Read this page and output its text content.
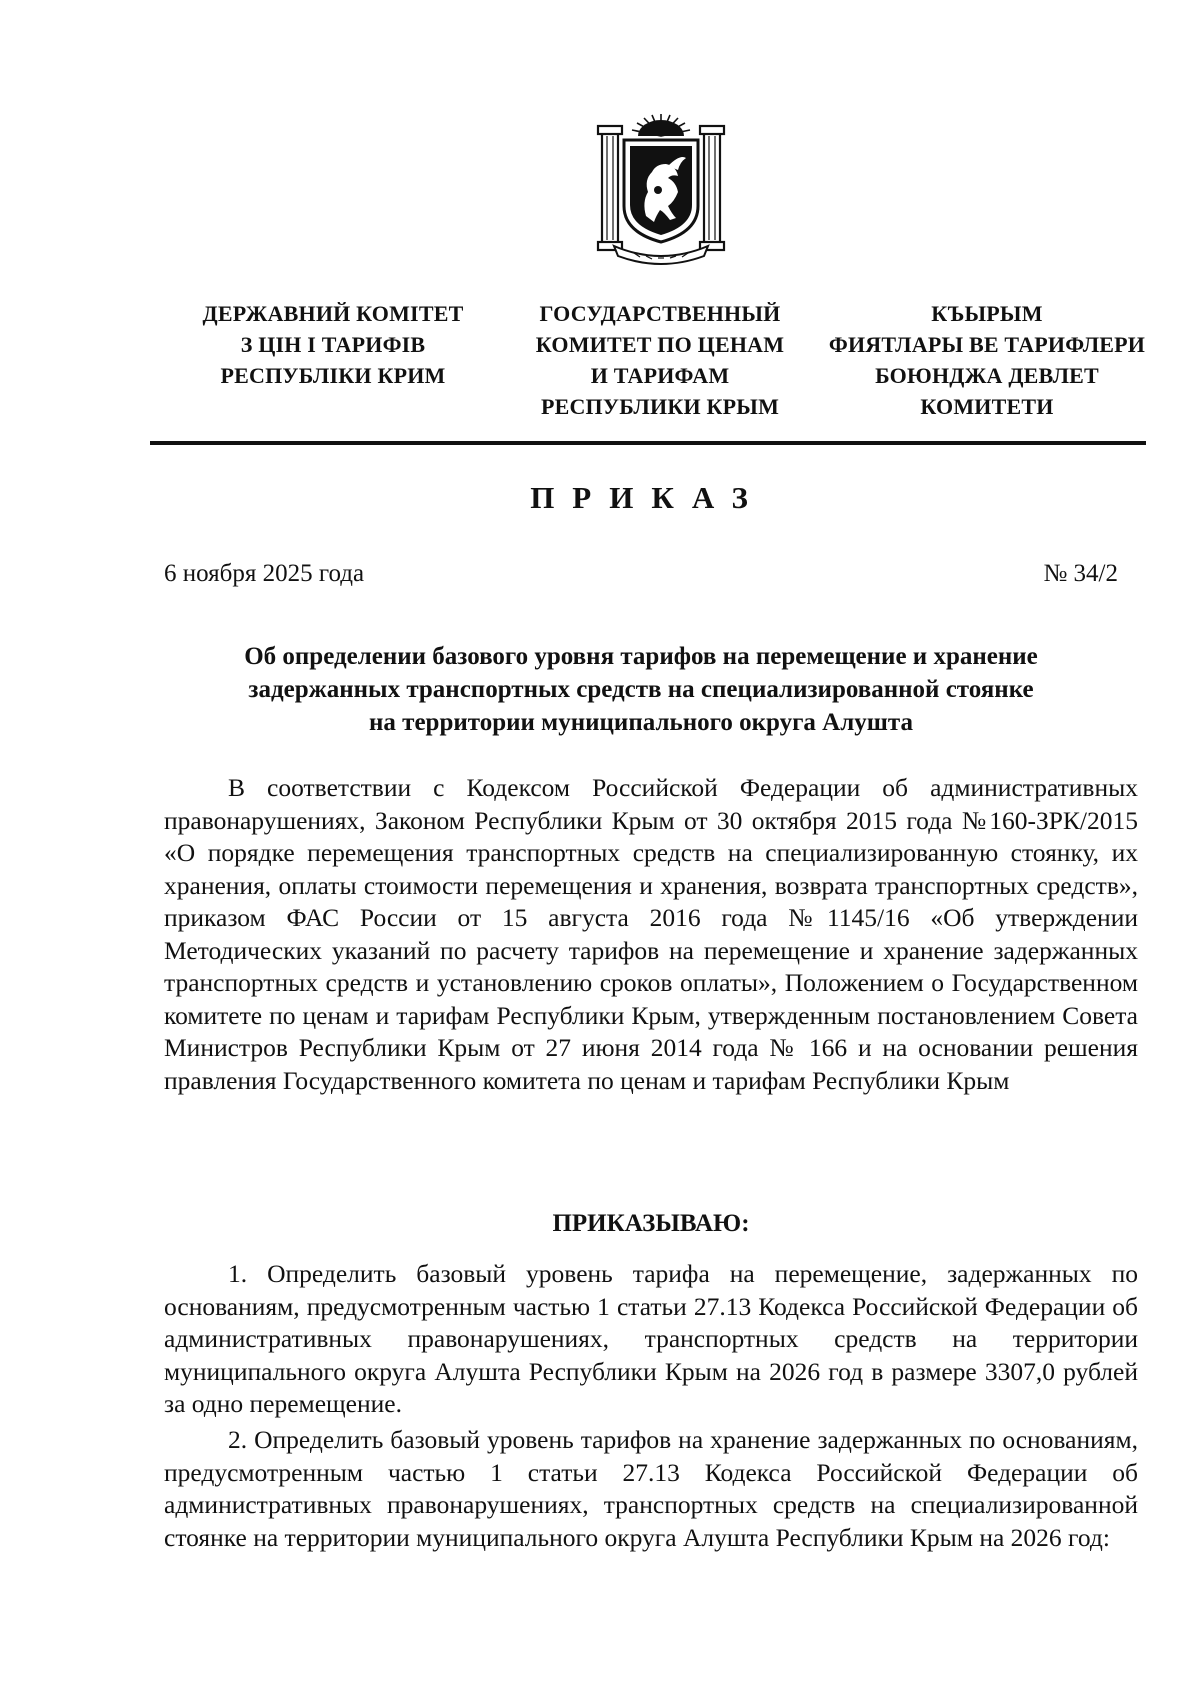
ДЕРЖАВНИЙ КОМІТЕТ
З ЦІН І ТАРИФІВ
РЕСПУБЛІКИ КРИМ
ГОСУДАРСТВЕННЫЙ
КОМИТЕТ ПО ЦЕНАМ
И ТАРИФАМ
РЕСПУБЛИКИ КРЫМ
КЪЫРЫМ
ФИЯТЛАРЫ ВЕ ТАРИФЛЕРИ
БОЮНДЖА ДЕВЛЕТ
КОМИТЕТИ
ПРИКАЗ
6 ноября 2025 года	№ 34/2
Об определении базового уровня тарифов на перемещение и хранение
задержанных транспортных средств на специализированной стоянке
на территории муниципального округа Алушта

В соответствии с Кодексом Российской Федерации об административных правонарушениях, Законом Республики Крым от 30 октября 2015 года №160-ЗРК/2015 «О порядке перемещения транспортных средств на специализированную стоянку, их хранения, оплаты стоимости перемещения и хранения, возврата транспортных средств», приказом ФАС России от 15 августа 2016 года №1145/16 «Об утверждении Методических указаний по расчету тарифов на перемещение и хранение задержанных транспортных средств и установлению сроков оплаты», Положением о Государственном комитете по ценам и тарифам Республики Крым, утвержденным постановлением Совета Министров Республики Крым от 27 июня 2014 года № 166 и на основании решения правления Государственного комитета по ценам и тарифам Республики Крым

ПРИКАЗЫВАЮ:

1. Определить базовый уровень тарифа на перемещение, задержанных по основаниям, предусмотренным частью 1 статьи 27.13 Кодекса Российской Федерации об административных правонарушениях, транспортных средств на территории муниципального округа Алушта Республики Крым на 2026 год в размере 3307,0 рублей за одно перемещение.

2. Определить базовый уровень тарифов на хранение задержанных по основаниям, предусмотренным частью 1 статьи 27.13 Кодекса Российской Федерации об административных правонарушениях, транспортных средств на специализированной стоянке на территории муниципального округа Алушта Республики Крым на 2026 год:
